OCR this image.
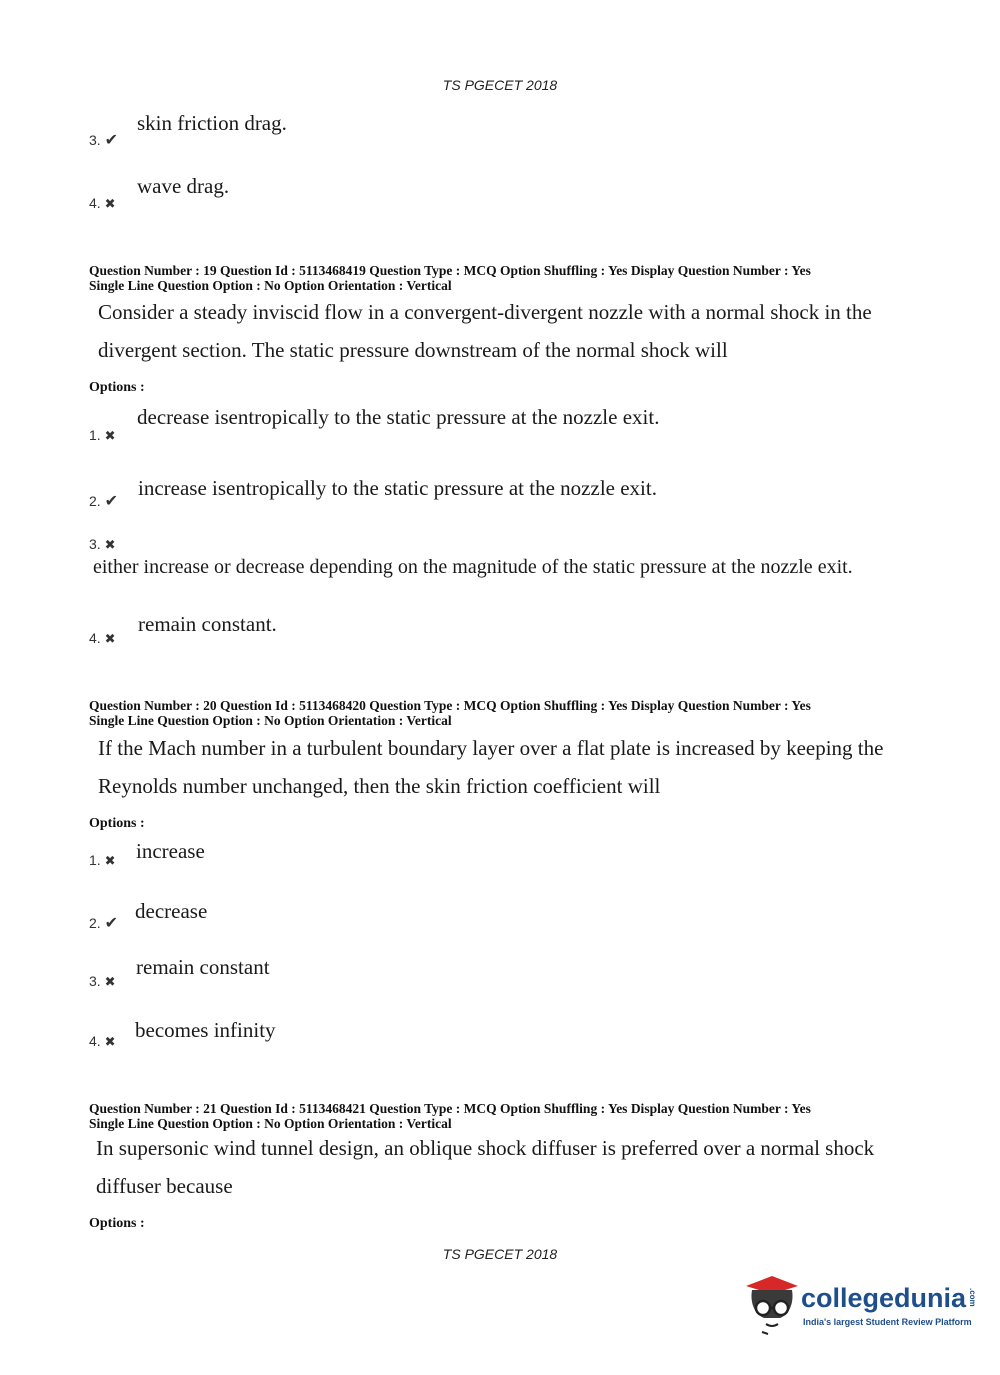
TS PGECET 2018
3. ✔
skin friction drag.
4. ✖
wave drag.
Question Number : 19 Question Id : 5113468419 Question Type : MCQ Option Shuffling : Yes Display Question Number : Yes
Single Line Question Option : No Option Orientation : Vertical
Consider a steady inviscid flow in a convergent-divergent nozzle with a normal shock in the
divergent section. The static pressure downstream of the normal shock will
Options :
1. ✖
decrease isentropically to the static pressure at the nozzle exit.
2. ✔
increase isentropically to the static pressure at the nozzle exit.
3. ✖
either increase or decrease depending on the magnitude of the static pressure at the nozzle exit.
4. ✖
remain constant.
Question Number : 20 Question Id : 5113468420 Question Type : MCQ Option Shuffling : Yes Display Question Number : Yes
Single Line Question Option : No Option Orientation : Vertical
If the Mach number in a turbulent boundary layer over a flat plate is increased by keeping the
Reynolds number unchanged, then the skin friction coefficient will
Options :
1. ✖ increase
2. ✔
decrease
3. ✖
remain constant
4. ✖ becomes infinity
Question Number : 21 Question Id : 5113468421 Question Type : MCQ Option Shuffling : Yes Display Question Number : Yes
Single Line Question Option : No Option Orientation : Vertical
In supersonic wind tunnel design, an oblique shock diffuser is preferred over a normal shock
diffuser because
Options :
TS PGECET 2018
collegedunia .com
India's largest Student Review Platform
